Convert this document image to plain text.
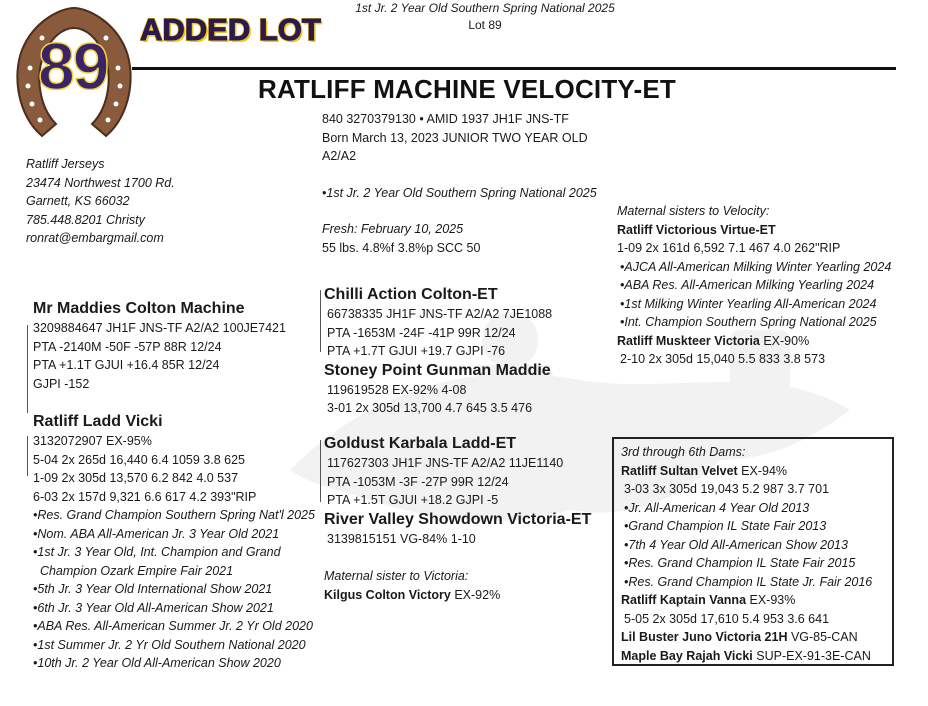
89 ADDED LOT
1st Jr. 2 Year Old Southern Spring National 2025
Lot 89
RATLIFF MACHINE VELOCITY-ET
Ratliff Jerseys
23474 Northwest 1700 Rd.
Garnett, KS 66032
785.448.8201 Christy
ronrat@embargmail.com
840 3270379130 • AMID 1937 JH1F JNS-TF
Born March 13, 2023 JUNIOR TWO YEAR OLD
A2/A2
•1st Jr. 2 Year Old Southern Spring National 2025
Fresh: February 10, 2025
55 lbs. 4.8%f 3.8%p SCC 50
Mr Maddies Colton Machine
3209884647 JH1F JNS-TF A2/A2 100JE7421
PTA -2140M -50F -57P 88R 12/24
PTA +1.1T GJUI +16.4 85R 12/24
GJPI -152
Ratliff Ladd Vicki
3132072907 EX-95%
5-04 2x 265d 16,440 6.4 1059 3.8 625
1-09 2x 305d 13,570 6.2 842 4.0 537
6-03 2x 157d 9,321 6.6 617 4.2 393"RIP
•Res. Grand Champion Southern Spring Nat'l 2025
•Nom. ABA All-American Jr. 3 Year Old 2021
•1st Jr. 3 Year Old, Int. Champion and Grand
Champion Ozark Empire Fair 2021
•5th Jr. 3 Year Old International Show 2021
•6th Jr. 3 Year Old All-American Show 2021
•ABA Res. All-American Summer Jr. 2 Yr Old 2020
•1st Summer Jr. 2 Yr Old Southern National 2020
•10th Jr. 2 Year Old All-American Show 2020
Chilli Action Colton-ET
66738335 JH1F JNS-TF A2/A2 7JE1088
PTA -1653M -24F -41P 99R 12/24
PTA +1.7T GJUI +19.7 GJPI -76
Stoney Point Gunman Maddie
119619528 EX-92% 4-08
3-01 2x 305d 13,700 4.7 645 3.5 476
Goldust Karbala Ladd-ET
117627303 JH1F JNS-TF A2/A2 11JE1140
PTA -1053M -3F -27P 99R 12/24
PTA +1.5T GJUI +18.2 GJPI -5
River Valley Showdown Victoria-ET
3139815151 VG-84% 1-10
Maternal sister to Victoria:
Kilgus Colton Victory EX-92%
Maternal sisters to Velocity:
Ratliff Victorious Virtue-ET
1-09 2x 161d 6,592 7.1 467 4.0 262"RIP
•AJCA All-American Milking Winter Yearling 2024
•ABA Res. All-American Milking Yearling 2024
•1st Milking Winter Yearling All-American 2024
•Int. Champion Southern Spring National 2025
Ratliff Muskteer Victoria EX-90%
2-10 2x 305d 15,040 5.5 833 3.8 573
3rd through 6th Dams:
Ratliff Sultan Velvet EX-94%
3-03 3x 305d 19,043 5.2 987 3.7 701
•Jr. All-American 4 Year Old 2013
•Grand Champion IL State Fair 2013
•7th 4 Year Old All-American Show 2013
•Res. Grand Champion IL State Fair 2015
•Res. Grand Champion IL State Jr. Fair 2016
Ratliff Kaptain Vanna EX-93%
5-05 2x 305d 17,610 5.4 953 3.6 641
Lil Buster Juno Victoria 21H VG-85-CAN
Maple Bay Rajah Vicki SUP-EX-91-3E-CAN
